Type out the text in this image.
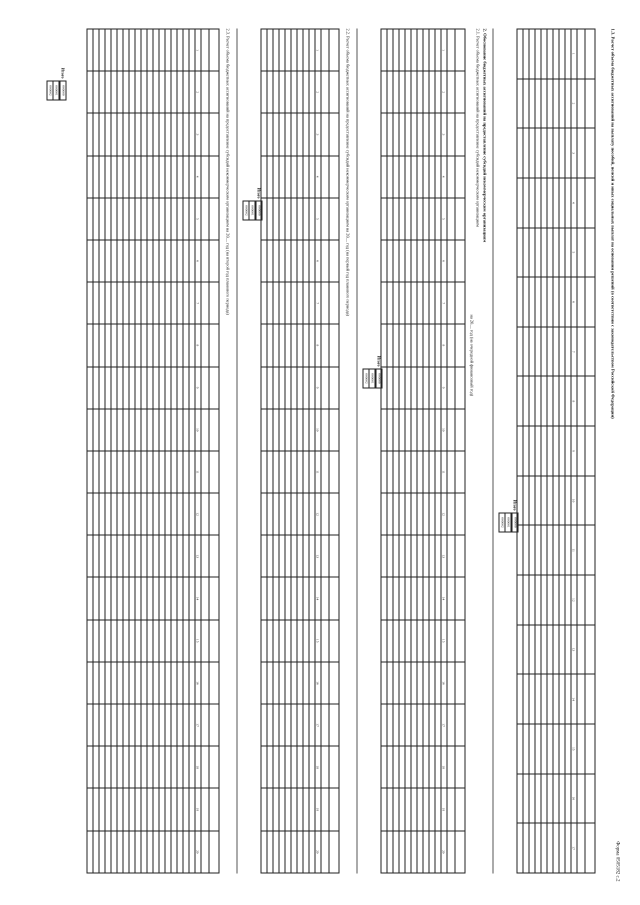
Форма 0505182 с.2
1.3. Расчет объема бюджетных ассигнований на выплату пособий, пенсий и иных социальных выплат на основании решений (в соответствии с законодательством Российской Федерации)

1	2	3	4	5	6	7	8	9	10	11	12	13	14	15	16	17

Итого
000000
000001
000002
2. Обоснование бюджетных ассигнований на предоставление субсидий некоммерческим организациям
2.1. Расчет объема бюджетных ассигнований на предоставление субсидий некоммерческим организациям
на 20__ год (на очередной финансовый год)

1	2	3	4	5	6	7	8	9	10	11	12	13	14	15	16	17	18	19	20

Итого
000000
000001
000002
2.2. Расчет объема бюджетных ассигнований на предоставление субсидий некоммерческим организациям на 20__ год (на первый год планового периода)

1	2	3	4	5	6	7	8	9	10	11	12	13	14	15	16	17	18	19	20

Итого
000000
000001
000002
2.3. Расчет объема бюджетных ассигнований на предоставление субсидий некоммерческим организациям на 20__ год (на второй год планового периода)

1	2	3	4	5	6	7	8	9	10	11	12	13	14	15	16	17	18	19	20

Итого
000000
000001
000002
